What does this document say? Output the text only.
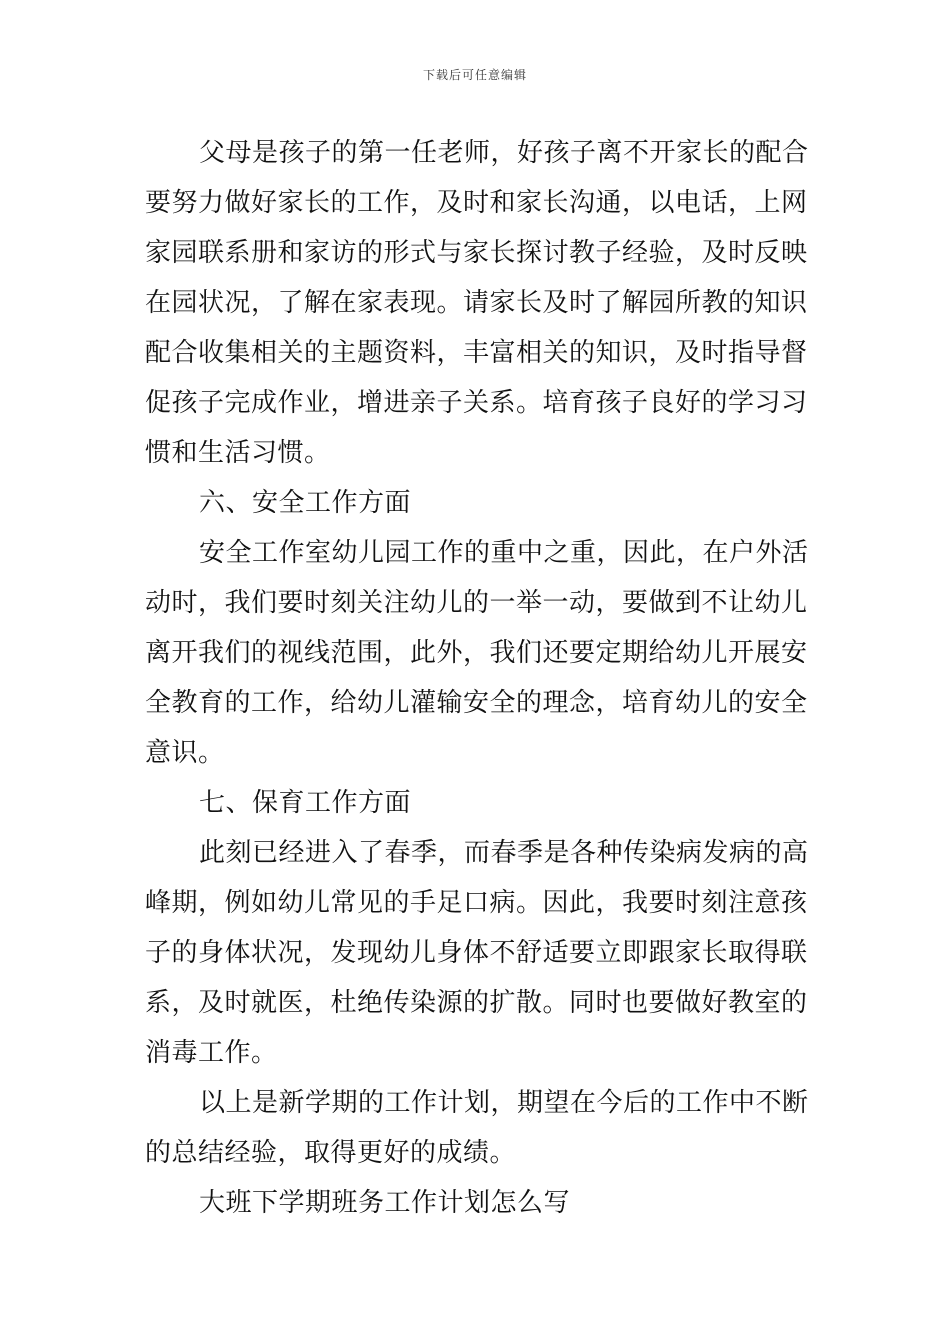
下载后可任意编辑
父母是孩子的第一任老师，好孩子离不开家长的配合
要努力做好家长的工作，及时和家长沟通，以电话，上网
家园联系册和家访的形式与家长探讨教子经验，及时反映
在园状况，了解在家表现。请家长及时了解园所教的知识
配合收集相关的主题资料，丰富相关的知识，及时指导督
促孩子完成作业，增进亲子关系。培育孩子良好的学习习
惯和生活习惯。
六、安全工作方面
安全工作室幼儿园工作的重中之重，因此，在户外活
动时，我们要时刻关注幼儿的一举一动，要做到不让幼儿
离开我们的视线范围，此外，我们还要定期给幼儿开展安
全教育的工作，给幼儿灌输安全的理念，培育幼儿的安全
意识。
七、保育工作方面
此刻已经进入了春季，而春季是各种传染病发病的高
峰期，例如幼儿常见的手足口病。因此，我要时刻注意孩
子的身体状况，发现幼儿身体不舒适要立即跟家长取得联
系，及时就医，杜绝传染源的扩散。同时也要做好教室的
消毒工作。
以上是新学期的工作计划，期望在今后的工作中不断
的总结经验，取得更好的成绩。
大班下学期班务工作计划怎么写
